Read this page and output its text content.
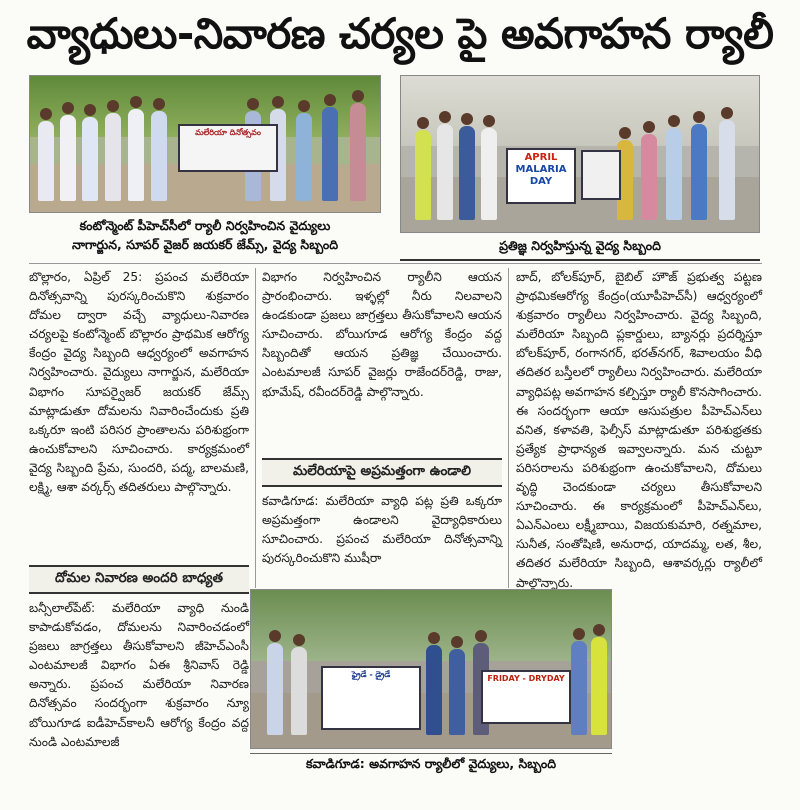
వ్యాధులు-నివారణ చర్యల పై అవగాహన ర్యాలీ
మలేరియా దినోత్సవం
APRIL
MALARIA DAY
కంటోన్మెంట్ పీహెచ్‌సీలో ర్యాలీ నిర్వహించిన వైద్యులు
నాగార్జున, సూపర్ వైజర్ జయకర్ జేమ్స్, వైద్య సిబ్బంది	ప్రతిజ్ఞ నిర్వహిస్తున్న వైద్య సిబ్బంది

బొల్లారం, ఏప్రిల్ 25: ప్రపంచ మలేరియా దినోత్సవాన్ని పురస్కరించుకొని శుక్రవారం దోమల ద్వారా వచ్చే వ్యాధులు-నివారణ చర్యలపై కంటోన్మెంట్ బొల్లారం ప్రాథమిక ఆరోగ్య కేంద్రం వైద్య సిబ్బంది ఆధ్వర్యంలో అవగాహన నిర్వహించారు. వైద్యులు నాగార్జున, మలేరియా విభాగం సూపర్వైజర్ జయకర్ జేమ్స్ మాట్లాడుతూ దోమలను నివారించేందుకు ప్రతి ఒక్కరూ ఇంటి పరిసర ప్రాంతాలను పరిశుభ్రంగా ఉంచుకోవాలని సూచించారు. కార్యక్రమంలో వైద్య సిబ్బంది ప్రేమ, సుందరి, పద్మ, బాలమణి, లక్ష్మి, ఆశా వర్కర్స్ తదితరులు పాల్గొన్నారు.

దోమల నివారణ అందరి బాధ్యత

బన్సీలాల్‌పేట్: మలేరియా వ్యాధి నుండి కాపాడుకోవడం, దోమలను నివారించడంలో ప్రజలు జాగ్రత్తలు తీసుకోవాలని జీహెచ్ఎంసీ ఎంటమాలజీ విభాగం ఏఈ శ్రీనివాస్ రెడ్డి అన్నారు. ప్రపంచ మలేరియా నివారణ దినోత్సవం సందర్భంగా శుక్రవారం న్యూ బోయిగూడ ఐడీహెచ్‌కాలనీ ఆరోగ్య కేంద్రం వద్ద నుండి ఎంటమాలజీ

విభాగం నిర్వహించిన ర్యాలీని ఆయన ప్రారంభించారు. ఇళ్ళల్లో నీరు నిలవాలని ఉండకుండా ప్రజలు జాగ్రత్తలు తీసుకోవాలని ఆయన సూచించారు. బోయిగూడ ఆరోగ్య కేంద్రం వద్ద సిబ్బందితో ఆయన ప్రతిజ్ఞ చేయించారు. ఎంటమాలజీ సూపర్ వైజర్లు రాజేందర్‌రెడ్డి, రాజు, భూమేష్, రవీందర్‌రెడ్డి పాల్గొన్నారు.

మలేరియాపై అప్రమత్తంగా ఉండాలి

కవాడిగూడ: మలేరియా వ్యాధి పట్ల ప్రతి ఒక్కరూ అప్రమత్తంగా ఉండాలని వైద్యాధికారులు సూచించారు. ప్రపంచ మలేరియా దినోత్సవాన్ని పురస్కరించుకొని ముషీరా

బాద్, బోలక్‌పూర్, బైబిల్ హౌజ్ ప్రభుత్వ పట్టణ ప్రాథమికఆరోగ్య కేంద్రం(యూపీహెచ్‌సీ) ఆధ్వర్యంలో శుక్రవారం ర్యాలీలు నిర్వహించారు. వైద్య సిబ్బంది, మలేరియా సిబ్బంది ప్లకార్డులు, బ్యానర్లు ప్రదర్శిస్తూ బోలక్‌పూర్, రంగానగర్, భరత్‌నగర్, శివాలయం వీధి తదితర బస్తీలలో ర్యాలీలు నిర్వహించారు. మలేరియా వ్యాధిపట్ల అవగాహన కల్పిస్తూ ర్యాలీ కొనసాగించారు. ఈ సందర్భంగా ఆయా ఆసుపత్రుల పీహెచ్‌ఎన్‌లు వనిత, కళావతి, ఫెల్సీస్ మాట్లాడుతూ పరిశుభ్రతకు ప్రత్యేక ప్రాధాన్యత ఇవ్వాలన్నారు. మన చుట్టూ పరిసరాలను పరిశుభ్రంగా ఉంచుకోవాలని, దోమలు వృద్ధి చెందకుండా చర్యలు తీసుకోవాలని సూచించారు. ఈ కార్యక్రమంలో పీహెచ్‌ఎన్‌లు, ఏఎన్ఎంలు లక్ష్మీబాయి, విజయకుమారి, రత్నమాల, సునీత, సంతోషిణి, అనురాధ, యాదమ్మ, లత, శీల, తదితర మలేరియా సిబ్బంది, ఆశావర్కర్లు ర్యాలీలో పాల్గొన్నారు.

ఫ్రైడే - డ్రైడే	FRIDAY - DRYDAY
కవాడిగూడ: అవగాహన ర్యాలీలో వైద్యులు, సిబ్బంది
